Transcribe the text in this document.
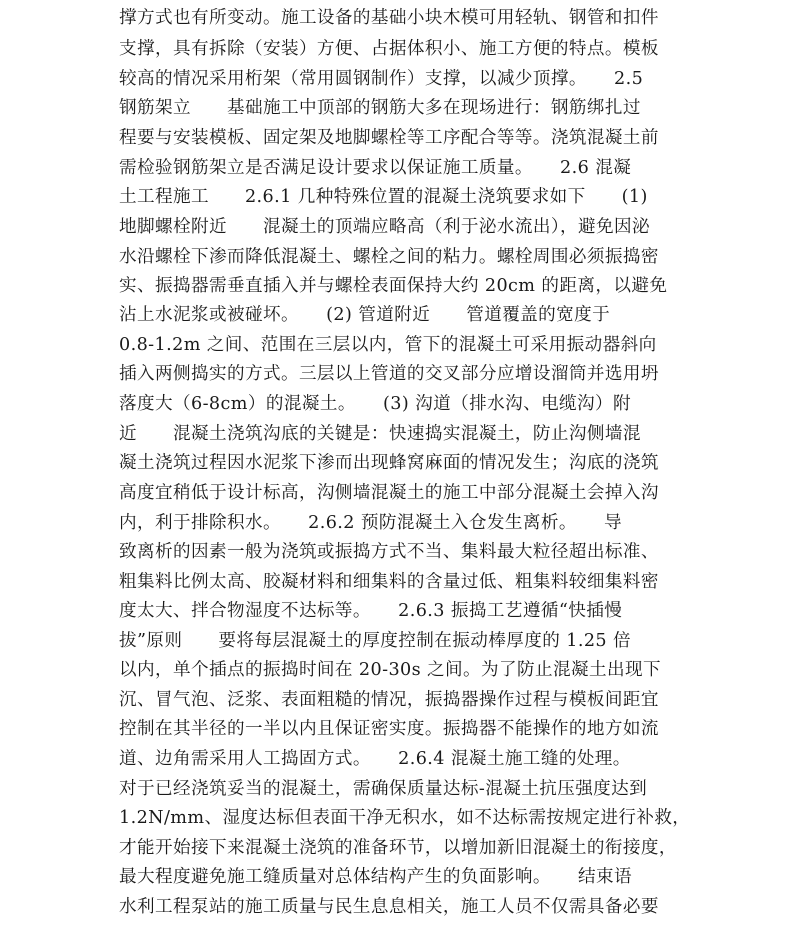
撑方式也有所变动。施工设备的基础小块木模可用轻轨、钢管和扣件
支撑，具有拆除（安装）方便、占据体积小、施工方便的特点。模板
较高的情况采用桁架（常用圆钢制作）支撑，以减少顶撑。　　2.5
钢筋架立　　基础施工中顶部的钢筋大多在现场进行：钢筋绑扎过
程要与安装模板、固定架及地脚螺栓等工序配合等等。浇筑混凝土前
需检验钢筋架立是否满足设计要求以保证施工质量。　　2.6 混凝
土工程施工　　2.6.1 几种特殊位置的混凝土浇筑要求如下　　(1)
地脚螺栓附近　　混凝土的顶端应略高（利于泌水流出），避免因泌
水沿螺栓下渗而降低混凝土、螺栓之间的粘力。螺栓周围必须振捣密
实、振捣器需垂直插入并与螺栓表面保持大约 20cm 的距离，以避免
沾上水泥浆或被碰坏。　　(2) 管道附近　　管道覆盖的宽度于
0.8-1.2m 之间、范围在三层以内，管下的混凝土可采用振动器斜向
插入两侧捣实的方式。三层以上管道的交叉部分应增设溜筒并选用坍
落度大（6-8cm）的混凝土。　　(3) 沟道（排水沟、电缆沟）附
近　　混凝土浇筑沟底的关键是：快速捣实混凝土，防止沟侧墙混
凝土浇筑过程因水泥浆下渗而出现蜂窝麻面的情况发生；沟底的浇筑
高度宜稍低于设计标高，沟侧墙混凝土的施工中部分混凝土会掉入沟
内，利于排除积水。　　2.6.2 预防混凝土入仓发生离析。　　导
致离析的因素一般为浇筑或振捣方式不当、集料最大粒径超出标准、
粗集料比例太高、胶凝材料和细集料的含量过低、粗集料较细集料密
度太大、拌合物湿度不达标等。　　2.6.3 振捣工艺遵循“快插慢
拔”原则　　要将每层混凝土的厚度控制在振动棒厚度的 1.25 倍
以内，单个插点的振捣时间在 20-30s 之间。为了防止混凝土出现下
沉、冒气泡、泛浆、表面粗糙的情况，振捣器操作过程与模板间距宜
控制在其半径的一半以内且保证密实度。振捣器不能操作的地方如流
道、边角需采用人工捣固方式。　　2.6.4 混凝土施工缝的处理。
对于已经浇筑妥当的混凝土，需确保质量达标-混凝土抗压强度达到
1.2N/mm、湿度达标但表面干净无积水，如不达标需按规定进行补救，
才能开始接下来混凝土浇筑的准备环节，以增加新旧混凝土的衔接度，
最大程度避免施工缝质量对总体结构产生的负面影响。　　结束语
水利工程泵站的施工质量与民生息息相关，施工人员不仅需具备必要
